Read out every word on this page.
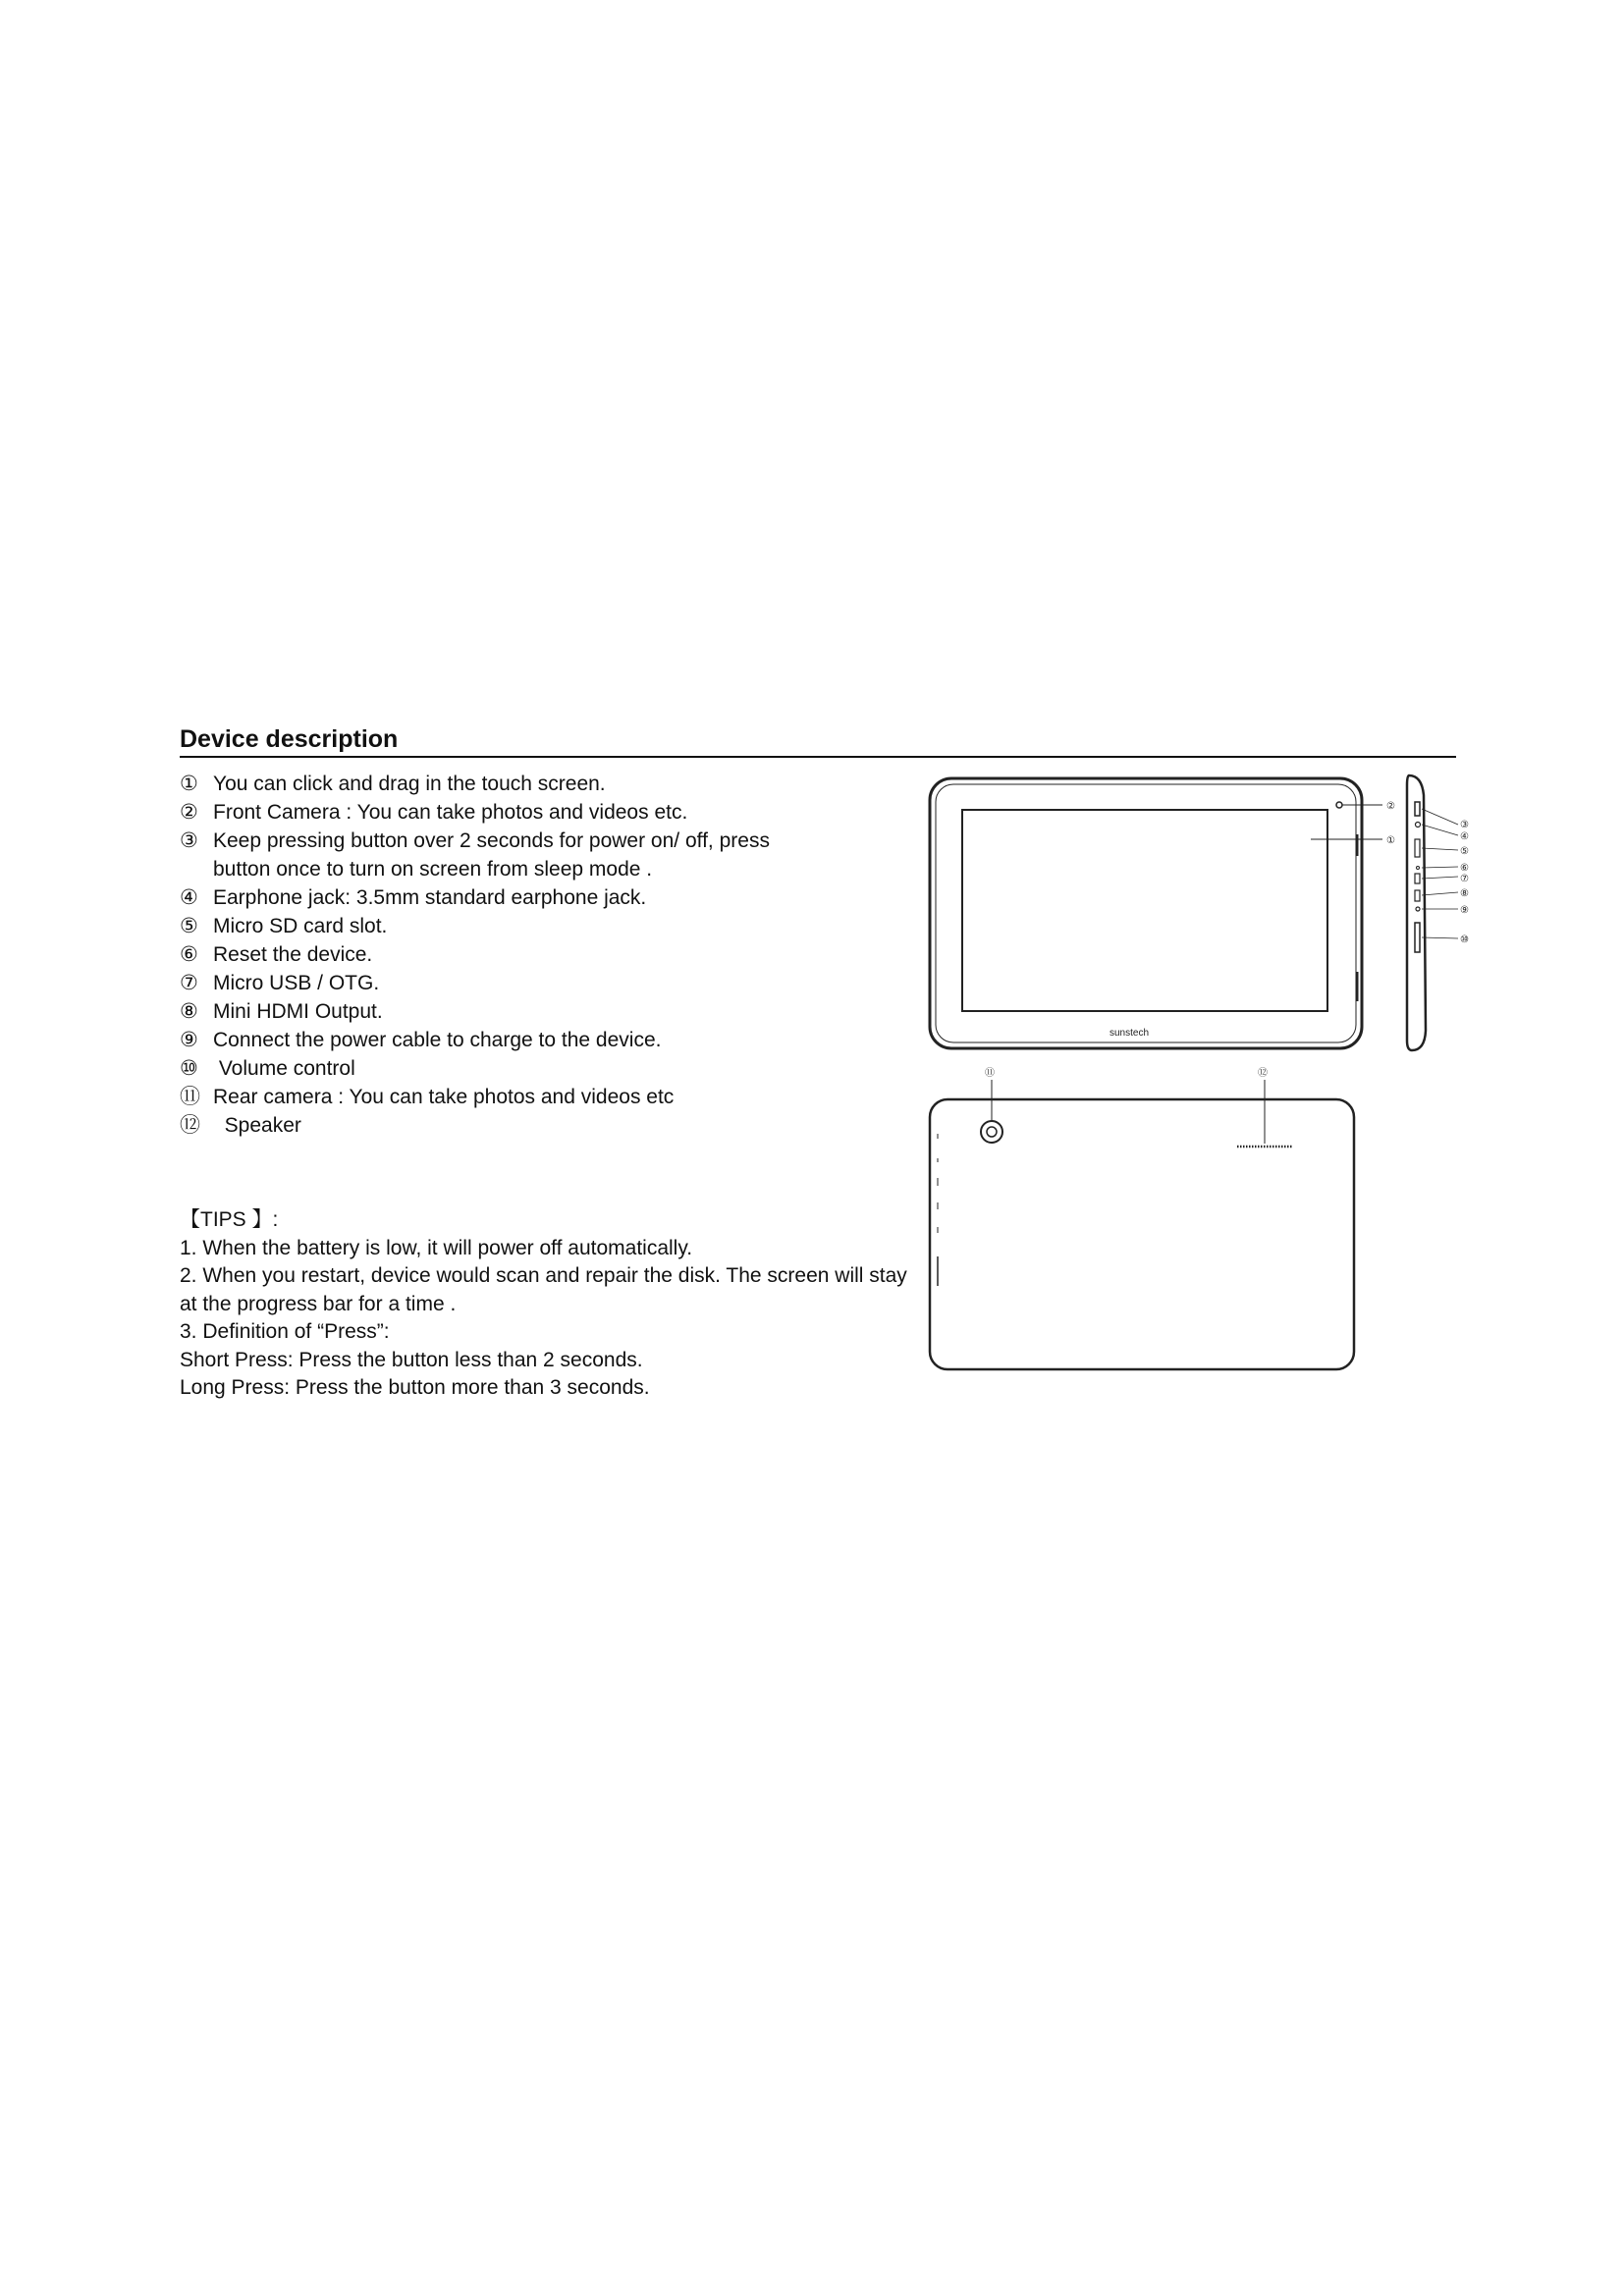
Device description
① You can click and drag in the touch screen.
② Front Camera : You can take photos and videos etc.
③ Keep pressing button over 2 seconds for power on/ off, press button once to turn on screen from sleep mode .
④ Earphone jack: 3.5mm standard earphone jack.
⑤ Micro SD card slot.
⑥ Reset the device.
⑦ Micro USB / OTG.
⑧ Mini HDMI Output.
⑨ Connect the power cable to charge to the device.
⑩ Volume control
⑪ Rear camera : You can take photos and videos etc
⑫  Speaker

【TIPS 】:

1. When the battery is low, it will power off automatically.

2. When you restart, device would scan and repair the disk. The screen will stay

at the progress bar for a time .

3. Definition of “Press”:

Short Press: Press the button less than 2 seconds.

Long Press: Press the button more than 3 seconds.

sunstech
②
①
③
④
⑤
⑥
⑦
⑧
⑨
⑩
⑪	⑫
